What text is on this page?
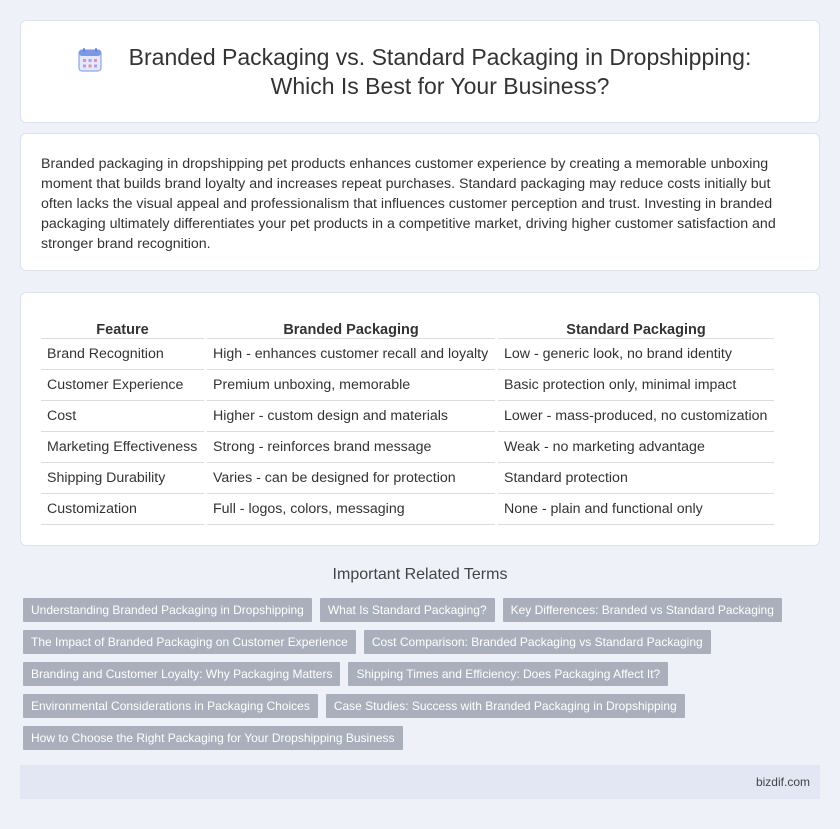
Branded Packaging vs. Standard Packaging in Dropshipping: Which Is Best for Your Business?

Branded packaging in dropshipping pet products enhances customer experience by creating a memorable unboxing moment that builds brand loyalty and increases repeat purchases. Standard packaging may reduce costs initially but often lacks the visual appeal and professionalism that influences customer perception and trust. Investing in branded packaging ultimately differentiates your pet products in a competitive market, driving higher customer satisfaction and stronger brand recognition.

Feature		Branded Packaging		Standard Packaging
Brand Recognition		High - enhances customer recall and loyalty		Low - generic look, no brand identity
Customer Experience		Premium unboxing, memorable		Basic protection only, minimal impact
Cost		Higher - custom design and materials		Lower - mass-produced, no customization
Marketing Effectiveness		Strong - reinforces brand message		Weak - no marketing advantage
Shipping Durability		Varies - can be designed for protection		Standard protection
Customization		Full - logos, colors, messaging		None - plain and functional only
Important Related Terms
Understanding Branded Packaging in Dropshipping	What Is Standard Packaging?	Key Differences: Branded vs Standard Packaging
The Impact of Branded Packaging on Customer Experience	Cost Comparison: Branded Packaging vs Standard Packaging
Branding and Customer Loyalty: Why Packaging Matters	Shipping Times and Efficiency: Does Packaging Affect It?
Environmental Considerations in Packaging Choices	Case Studies: Success with Branded Packaging in Dropshipping
How to Choose the Right Packaging for Your Dropshipping Business
bizdif.com
